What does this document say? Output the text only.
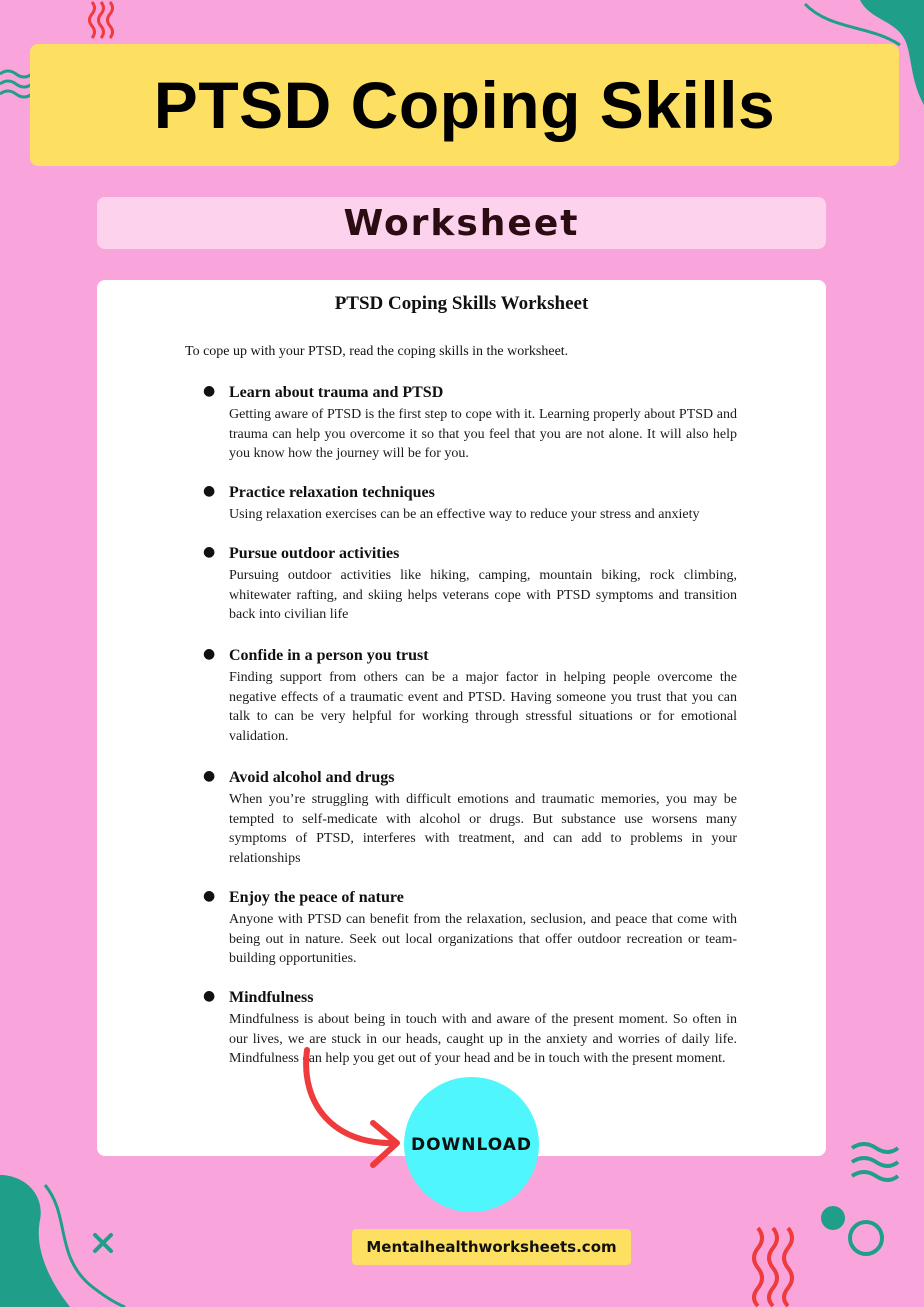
PTSD Coping Skills
Worksheet
PTSD Coping Skills Worksheet
To cope up with your PTSD, read the coping skills in the worksheet.
● Learn about trauma and PTSD
Getting aware of PTSD is the first step to cope with it. Learning properly about PTSD and trauma can help you overcome it so that you feel that you are not alone. It will also help you know how the journey will be for you.
● Practice relaxation techniques
Using relaxation exercises can be an effective way to reduce your stress and anxiety
● Pursue outdoor activities
Pursuing outdoor activities like hiking, camping, mountain biking, rock climbing, whitewater rafting, and skiing helps veterans cope with PTSD symptoms and transition back into civilian life
● Confide in a person you trust
Finding support from others can be a major factor in helping people overcome the negative effects of a traumatic event and PTSD. Having someone you trust that you can talk to can be very helpful for working through stressful situations or for emotional validation.
● Avoid alcohol and drugs
When you’re struggling with difficult emotions and traumatic memories, you may be tempted to self-medicate with alcohol or drugs. But substance use worsens many symptoms of PTSD, interferes with treatment, and can add to problems in your relationships
● Enjoy the peace of nature
Anyone with PTSD can benefit from the relaxation, seclusion, and peace that come with being out in nature. Seek out local organizations that offer outdoor recreation or team-building opportunities.
● Mindfulness
Mindfulness is about being in touch with and aware of the present moment. So often in our lives, we are stuck in our heads, caught up in the anxiety and worries of daily life. Mindfulness can help you get out of your head and be in touch with the present moment.
DOWNLOAD
Mentalhealthworksheets.com
